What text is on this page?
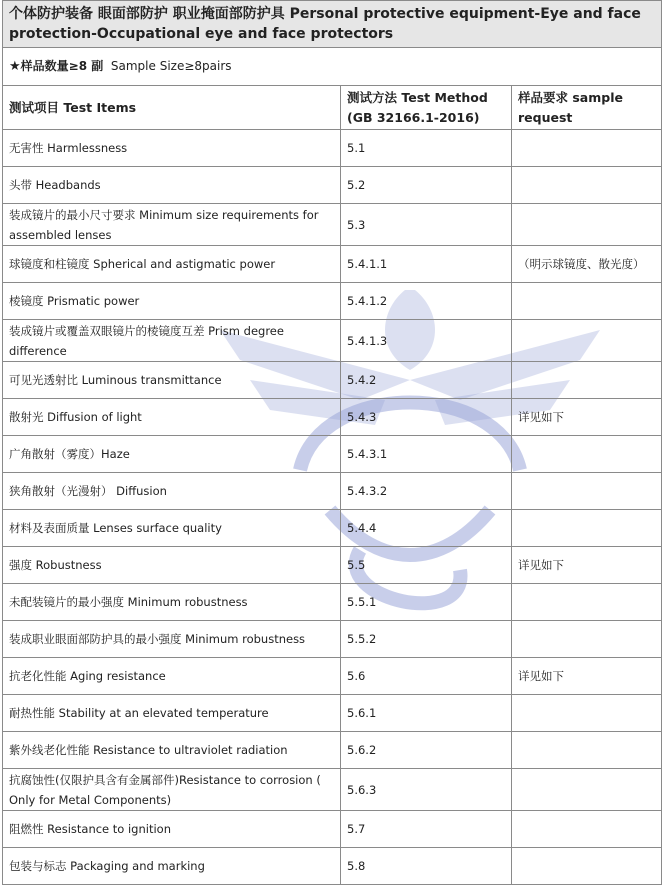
个体防护装备 眼面部防护 职业掩面部防护具 Personal protective equipment-Eye and face protection-Occupational eye and face protectors		
★样品数量≥8 副 Sample Size≥8pairs		
测试项目 Test Items	测试方法 Test Method (GB 32166.1-2016)	样品要求 sample request
无害性 Harmlessness	5.1	
头带 Headbands	5.2	
装成镜片的最小尺寸要求 Minimum size requirements for assembled lenses	5.3	
球镜度和柱镜度 Spherical and astigmatic power	5.4.1.1	（明示球镜度、散光度）
棱镜度 Prismatic power	5.4.1.2	
装成镜片或覆盖双眼镜片的棱镜度互差 Prism degree difference	5.4.1.3	
可见光透射比 Luminous transmittance	5.4.2	
散射光 Diffusion of light	5.4.3	详见如下
广角散射（雾度）Haze	5.4.3.1	
狭角散射（光漫射） Diffusion	5.4.3.2	
材料及表面质量 Lenses surface quality	5.4.4	
强度 Robustness	5.5	详见如下
未配装镜片的最小强度 Minimum robustness	5.5.1	
装成职业眼面部防护具的最小强度 Minimum robustness	5.5.2	
抗老化性能 Aging resistance	5.6	详见如下
耐热性能 Stability at an elevated temperature	5.6.1	
紫外线老化性能 Resistance to ultraviolet radiation	5.6.2	
抗腐蚀性(仅限护具含有金属部件)Resistance to corrosion ( Only for Metal Components)	5.6.3	
阻燃性 Resistance to ignition	5.7	
包装与标志 Packaging and marking	5.8	
